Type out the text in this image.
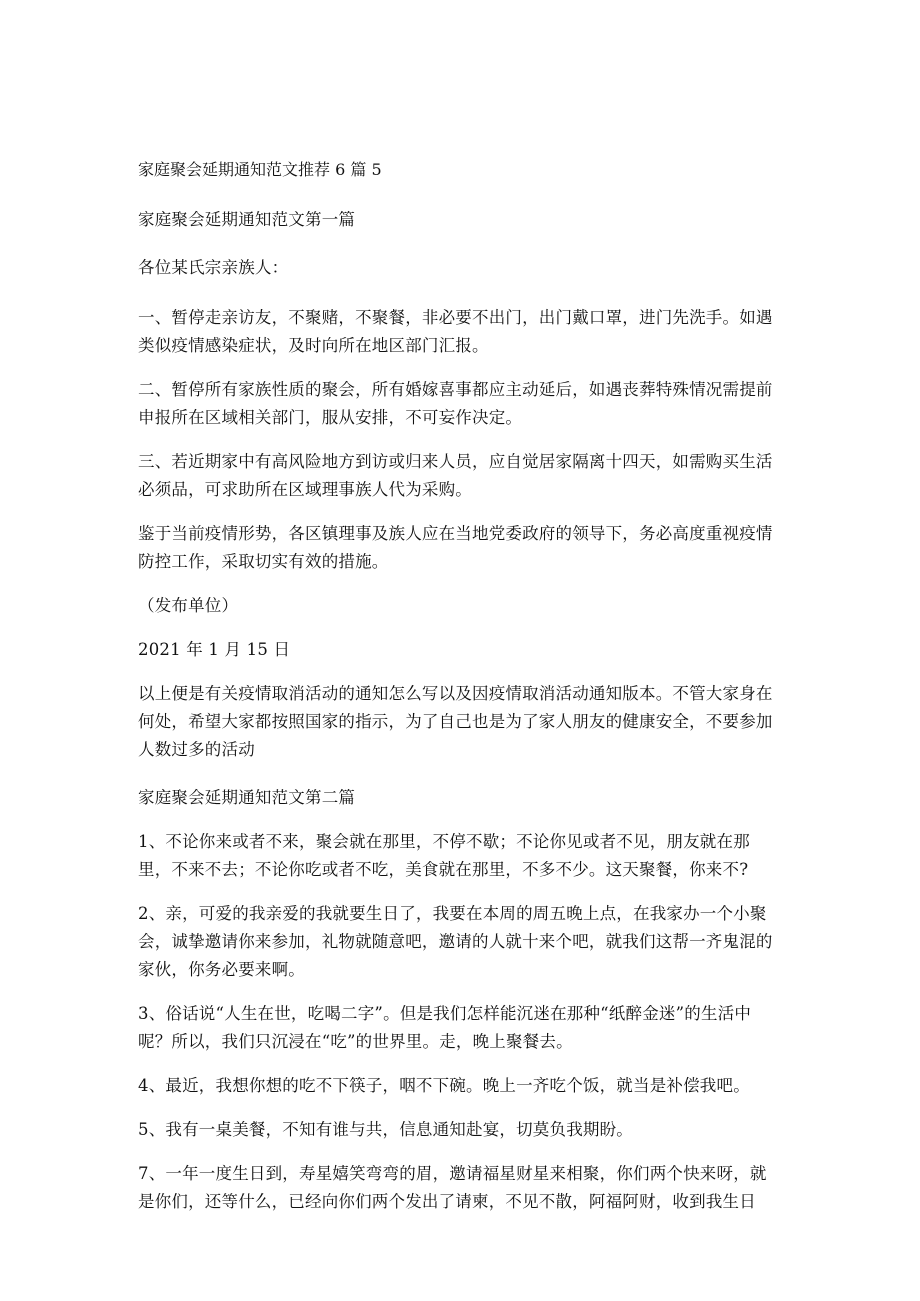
家庭聚会延期通知范文推荐 6 篇 5

家庭聚会延期通知范文第一篇

各位某氏宗亲族人：

一、暂停走亲访友，不聚赌，不聚餐，非必要不出门，出门戴口罩，进门先洗手。如遇类似疫情感染症状，及时向所在地区部门汇报。

二、暂停所有家族性质的聚会，所有婚嫁喜事都应主动延后，如遇丧葬特殊情况需提前申报所在区域相关部门，服从安排，不可妄作决定。

三、若近期家中有高风险地方到访或归来人员，应自觉居家隔离十四天，如需购买生活必须品，可求助所在区域理事族人代为采购。

鉴于当前疫情形势，各区镇理事及族人应在当地党委政府的领导下，务必高度重视疫情防控工作，采取切实有效的措施。

（发布单位）

2021 年 1 月 15 日

以上便是有关疫情取消活动的通知怎么写以及因疫情取消活动通知版本。不管大家身在何处，希望大家都按照国家的指示，为了自己也是为了家人朋友的健康安全，不要参加人数过多的活动

家庭聚会延期通知范文第二篇

1、不论你来或者不来，聚会就在那里，不停不歇；不论你见或者不见，朋友就在那里，不来不去；不论你吃或者不吃，美食就在那里，不多不少。这天聚餐，你来不?

2、亲，可爱的我亲爱的我就要生日了，我要在本周的周五晚上点，在我家办一个小聚会，诚挚邀请你来参加，礼物就随意吧，邀请的人就十来个吧，就我们这帮一齐鬼混的家伙，你务必要来啊。

3、俗话说“人生在世，吃喝二字”。但是我们怎样能沉迷在那种“纸醉金迷”的生活中呢？所以，我们只沉浸在“吃”的世界里。走，晚上聚餐去。

4、最近，我想你想的吃不下筷子，咽不下碗。晚上一齐吃个饭，就当是补偿我吧。

5、我有一桌美餐，不知有谁与共，信息通知赴宴，切莫负我期盼。

7、一年一度生日到，寿星嬉笑弯弯的眉，邀请福星财星来相聚，你们两个快来呀，就是你们，还等什么，已经向你们两个发出了请柬，不见不散，阿福阿财，收到我生日
